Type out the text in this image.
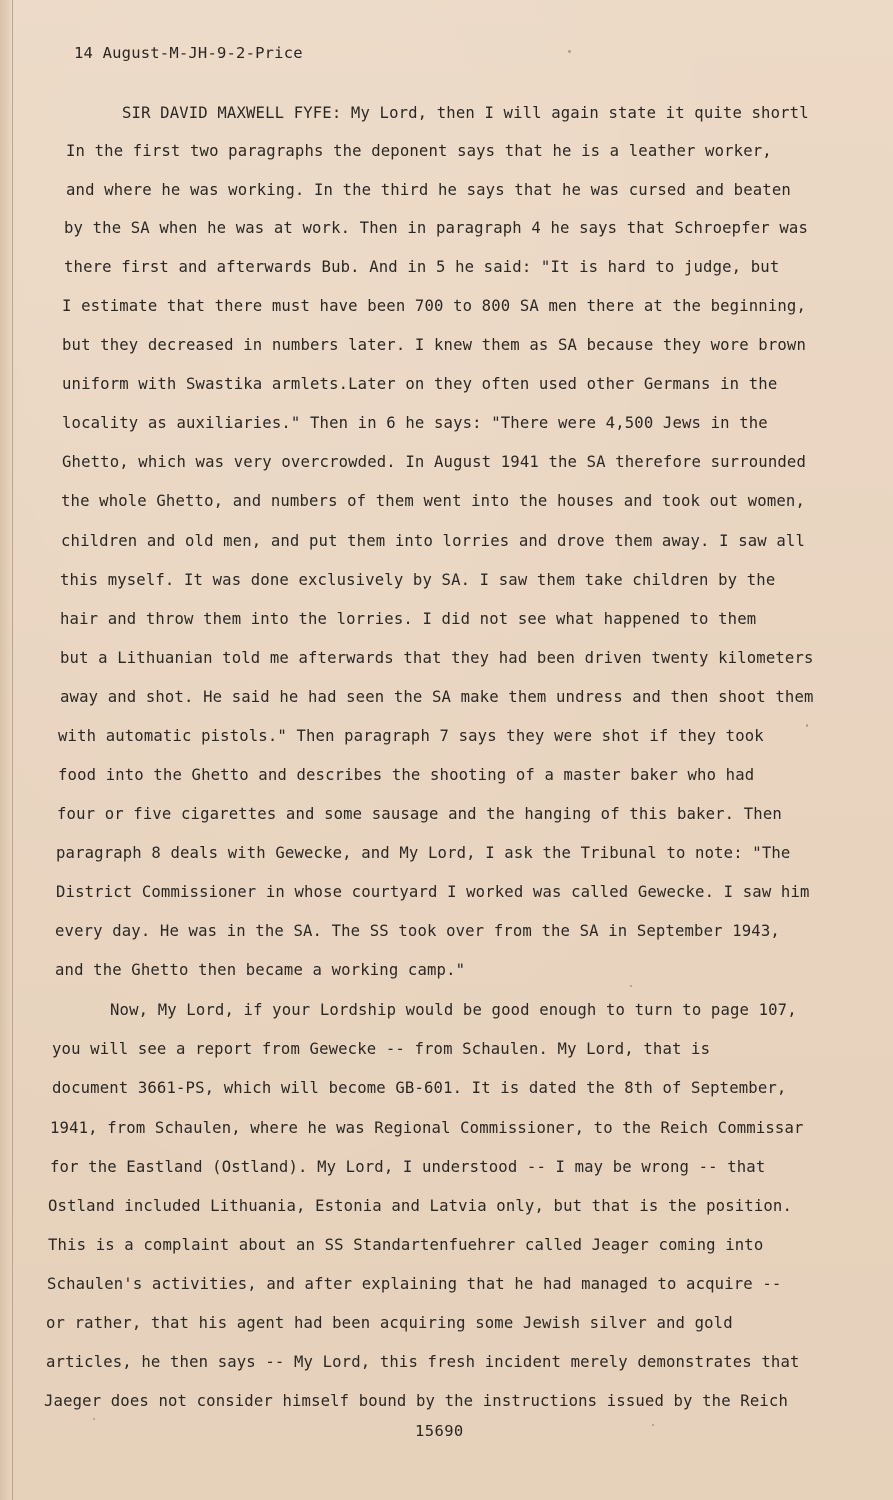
14 August-M-JH-9-2-Price
SIR DAVID MAXWELL FYFE: My Lord, then I will again state it quite shortl
In the first two paragraphs the deponent says that he is a leather worker,
and where he was working. In the third he says that he was cursed and beaten
by the SA when he was at work. Then in paragraph 4 he says that Schroepfer was
there first and afterwards Bub. And in 5 he said: "It is hard to judge, but
I estimate that there must have been 700 to 800 SA men there at the beginning,
but they decreased in numbers later. I knew them as SA because they wore brown
uniform with Swastika armlets.Later on they often used other Germans in the
locality as auxiliaries." Then in 6 he says: "There were 4,500 Jews in the
Ghetto, which was very overcrowded. In August 1941 the SA therefore surrounded
the whole Ghetto, and numbers of them went into the houses and took out women,
children and old men, and put them into lorries and drove them away. I saw all
this myself. It was done exclusively by SA. I saw them take children by the
hair and throw them into the lorries. I did not see what happened to them
but a Lithuanian told me afterwards that they had been driven twenty kilometers
away and shot. He said he had seen the SA make them undress and then shoot them
with automatic pistols." Then paragraph 7 says they were shot if they took
food into the Ghetto and describes the shooting of a master baker who had
four or five cigarettes and some sausage and the hanging of this baker. Then
paragraph 8 deals with Gewecke, and My Lord, I ask the Tribunal to note: "The
District Commissioner in whose courtyard I worked was called Gewecke. I saw him
every day. He was in the SA. The SS took over from the SA in September 1943,
and the Ghetto then became a working camp."
Now, My Lord, if your Lordship would be good enough to turn to page 107,
you will see a report from Gewecke -- from Schaulen. My Lord, that is
document 3661-PS, which will become GB-601. It is dated the 8th of September,
1941, from Schaulen, where he was Regional Commissioner, to the Reich Commissar
for the Eastland (Ostland). My Lord, I understood -- I may be wrong -- that
Ostland included Lithuania, Estonia and Latvia only, but that is the position.
This is a complaint about an SS Standartenfuehrer called Jeager coming into
Schaulen's activities, and after explaining that he had managed to acquire --
or rather, that his agent had been acquiring some Jewish silver and gold
articles, he then says -- My Lord, this fresh incident merely demonstrates that
Jaeger does not consider himself bound by the instructions issued by the Reich
15690
